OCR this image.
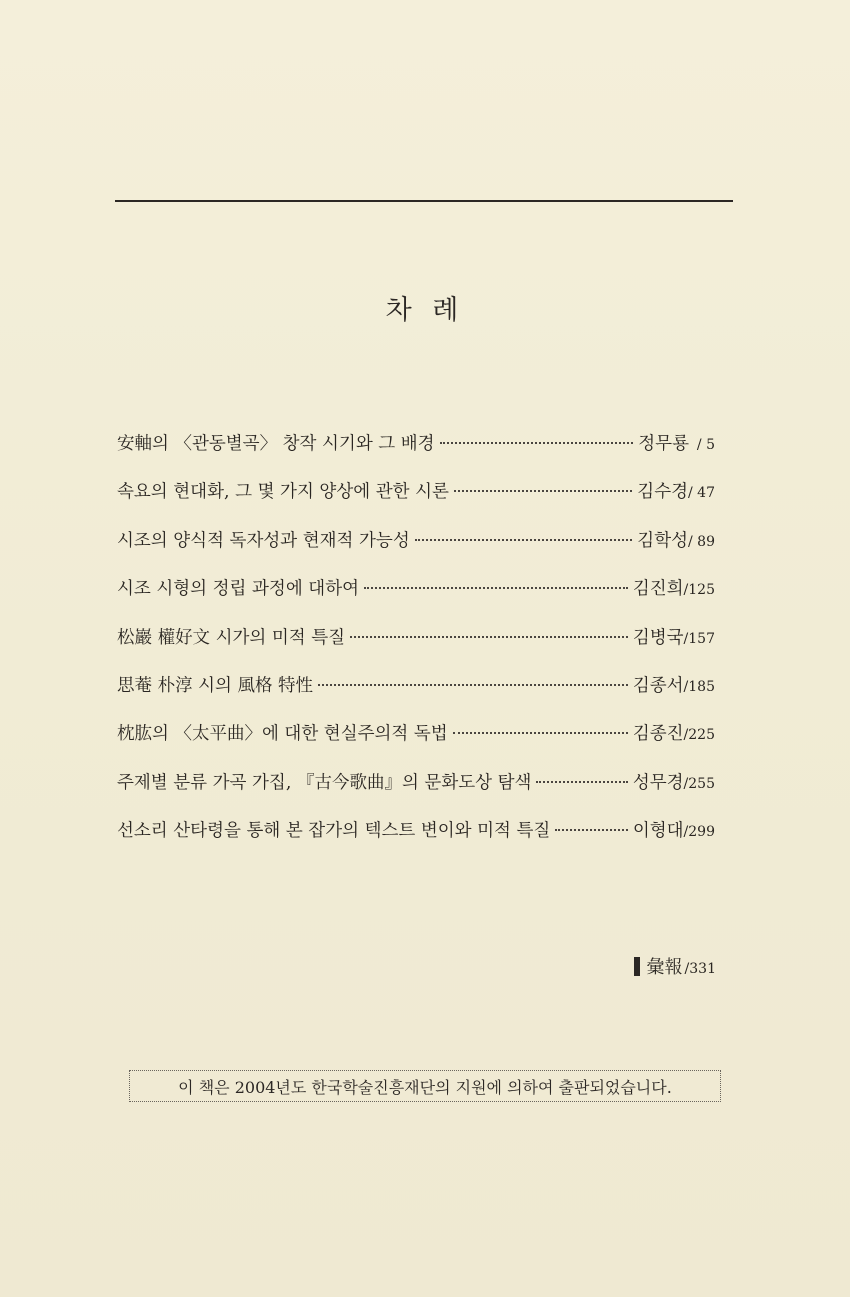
차 례
安軸의 〈관동별곡〉 창작 시기와 그 배경	정무룡 / 5
속요의 현대화, 그 몇 가지 양상에 관한 시론	김수경 / 47
시조의 양식적 독자성과 현재적 가능성	김학성 / 89
시조 시형의 정립 과정에 대하여	김진희 /125
松巖 權好文 시가의 미적 특질	김병국 /157
思菴 朴淳 시의 風格 特性	김종서 /185
枕肱의 〈太平曲〉에 대한 현실주의적 독법	김종진 /225
주제별 분류 가곡 가집, 『古今歌曲』의 문화도상 탐색	성무경 /255
선소리 산타령을 통해 본 잡가의 텍스트 변이와 미적 특질	이형대 /299
彙報 /331
이 책은 2004년도 한국학술진흥재단의 지원에 의하여 출판되었습니다.
